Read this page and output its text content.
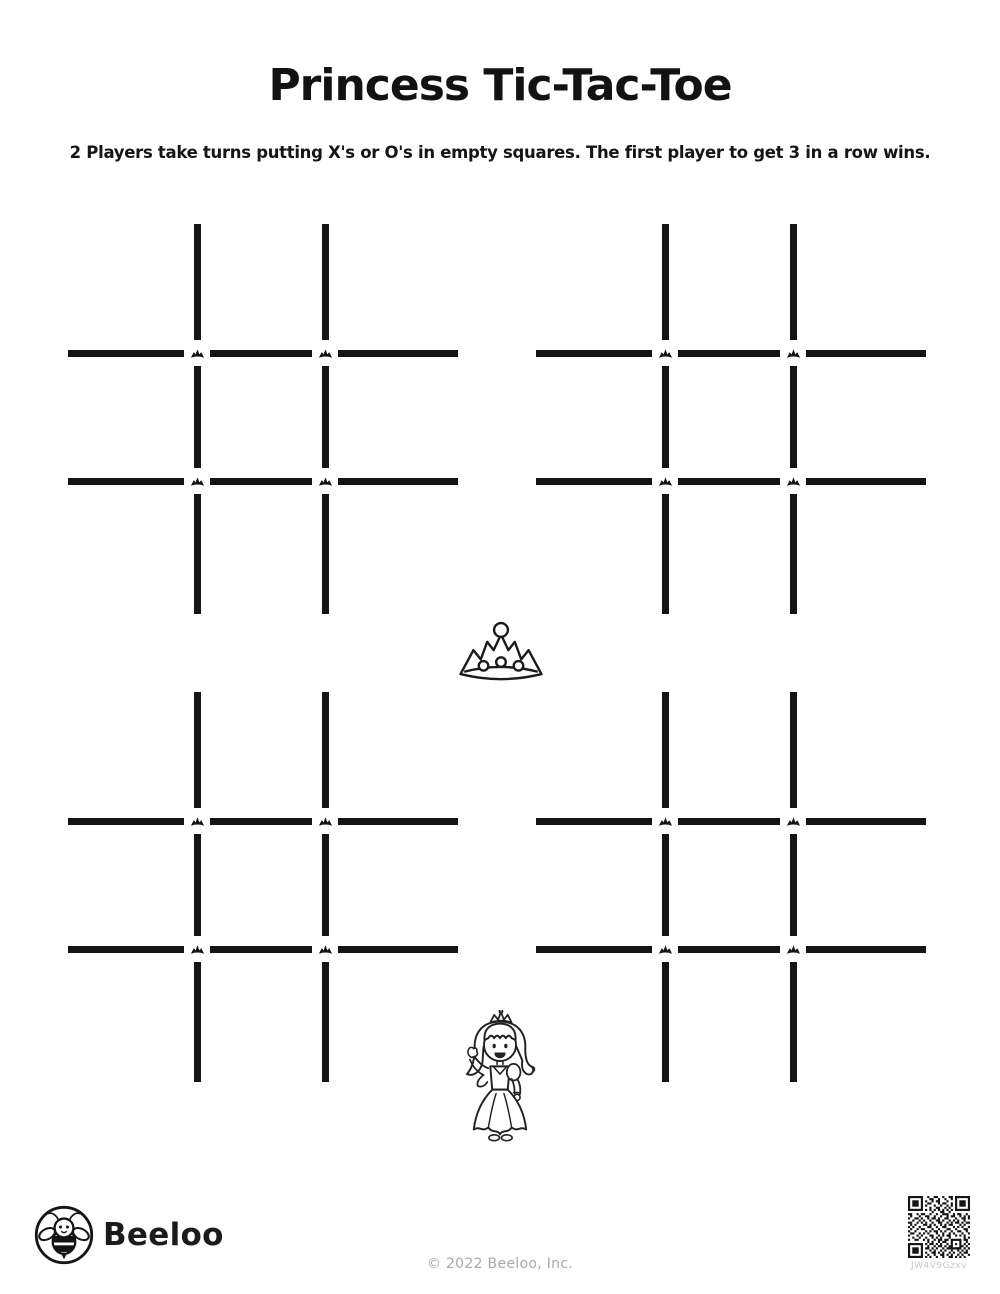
Princess Tic-Tac-Toe
2 Players take turns putting X's or O's in empty squares. The first player to get 3 in a row wins.
Beeloo
© 2022 Beeloo, Inc.	JW4V9Gzxv
